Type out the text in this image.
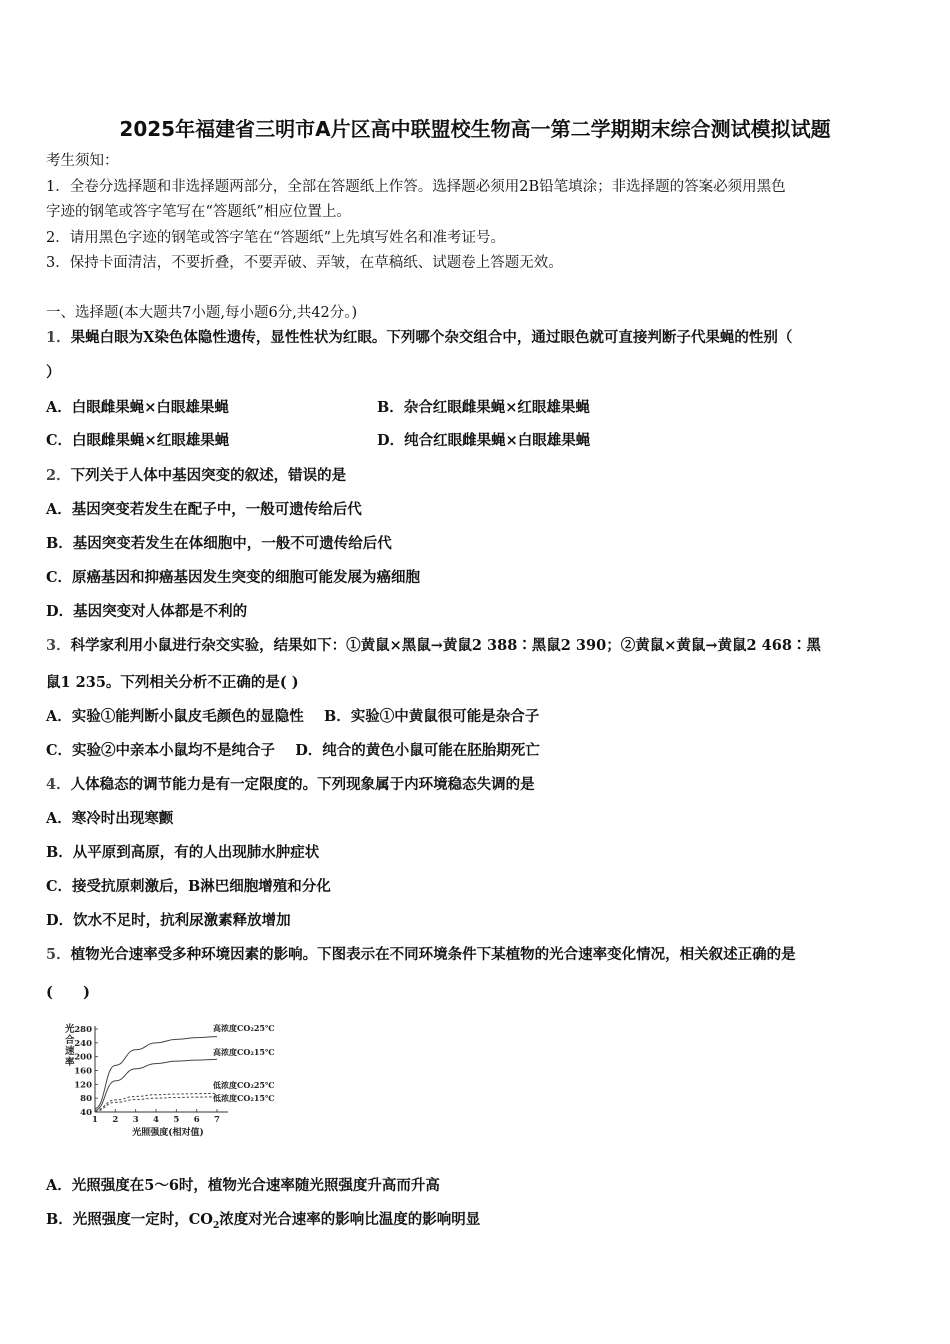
2025年福建省三明市A片区高中联盟校生物高一第二学期期末综合测试模拟试题
考生须知：
1．全卷分选择题和非选择题两部分，全部在答题纸上作答。选择题必须用2B铅笔填涂；非选择题的答案必须用黑色
字迹的钢笔或答字笔写在“答题纸”相应位置上。
2．请用黑色字迹的钢笔或答字笔在“答题纸”上先填写姓名和准考证号。
3．保持卡面清洁，不要折叠，不要弄破、弄皱，在草稿纸、试题卷上答题无效。
一、选择题(本大题共7小题,每小题6分,共42分。)
1．果蝇白眼为X染色体隐性遗传，显性性状为红眼。下列哪个杂交组合中，通过眼色就可直接判断子代果蝇的性别（
）
A．白眼雌果蝇×白眼雄果蝇	B．杂合红眼雌果蝇×红眼雄果蝇
C．白眼雌果蝇×红眼雄果蝇	D．纯合红眼雌果蝇×白眼雄果蝇
2．下列关于人体中基因突变的叙述，错误的是
A．基因突变若发生在配子中，一般可遗传给后代
B．基因突变若发生在体细胞中，一般不可遗传给后代
C．原癌基因和抑癌基因发生突变的细胞可能发展为癌细胞
D．基因突变对人体都是不利的
3．科学家利用小鼠进行杂交实验，结果如下：①黄鼠×黑鼠→黄鼠2 388∶黑鼠2 390；②黄鼠×黄鼠→黄鼠2 468∶黑
鼠1 235。下列相关分析不正确的是( )
A．实验①能判断小鼠皮毛颜色的显隐性    B．实验①中黄鼠很可能是杂合子
C．实验②中亲本小鼠均不是纯合子    D．纯合的黄色小鼠可能在胚胎期死亡
4．人体稳态的调节能力是有一定限度的。下列现象属于内环境稳态失调的是
A．寒冷时出现寒颤
B．从平原到高原，有的人出现肺水肿症状
C．接受抗原刺激后，B淋巴细胞增殖和分化
D．饮水不足时，抗利尿激素释放增加
5．植物光合速率受多种环境因素的影响。下图表示在不同环境条件下某植物的光合速率变化情况，相关叙述正确的是
(      )
光合速率
280
240
200
160
120
80
40
1 2 3 4 5 6 7
高浓度CO₂25℃
高浓度CO₂15℃
低浓度CO₂25℃
低浓度CO₂15℃
光照强度(相对值)
A．光照强度在5～6时，植物光合速率随光照强度升高而升高
B．光照强度一定时，$CO_2$浓度对光合速率的影响比温度的影响明显
